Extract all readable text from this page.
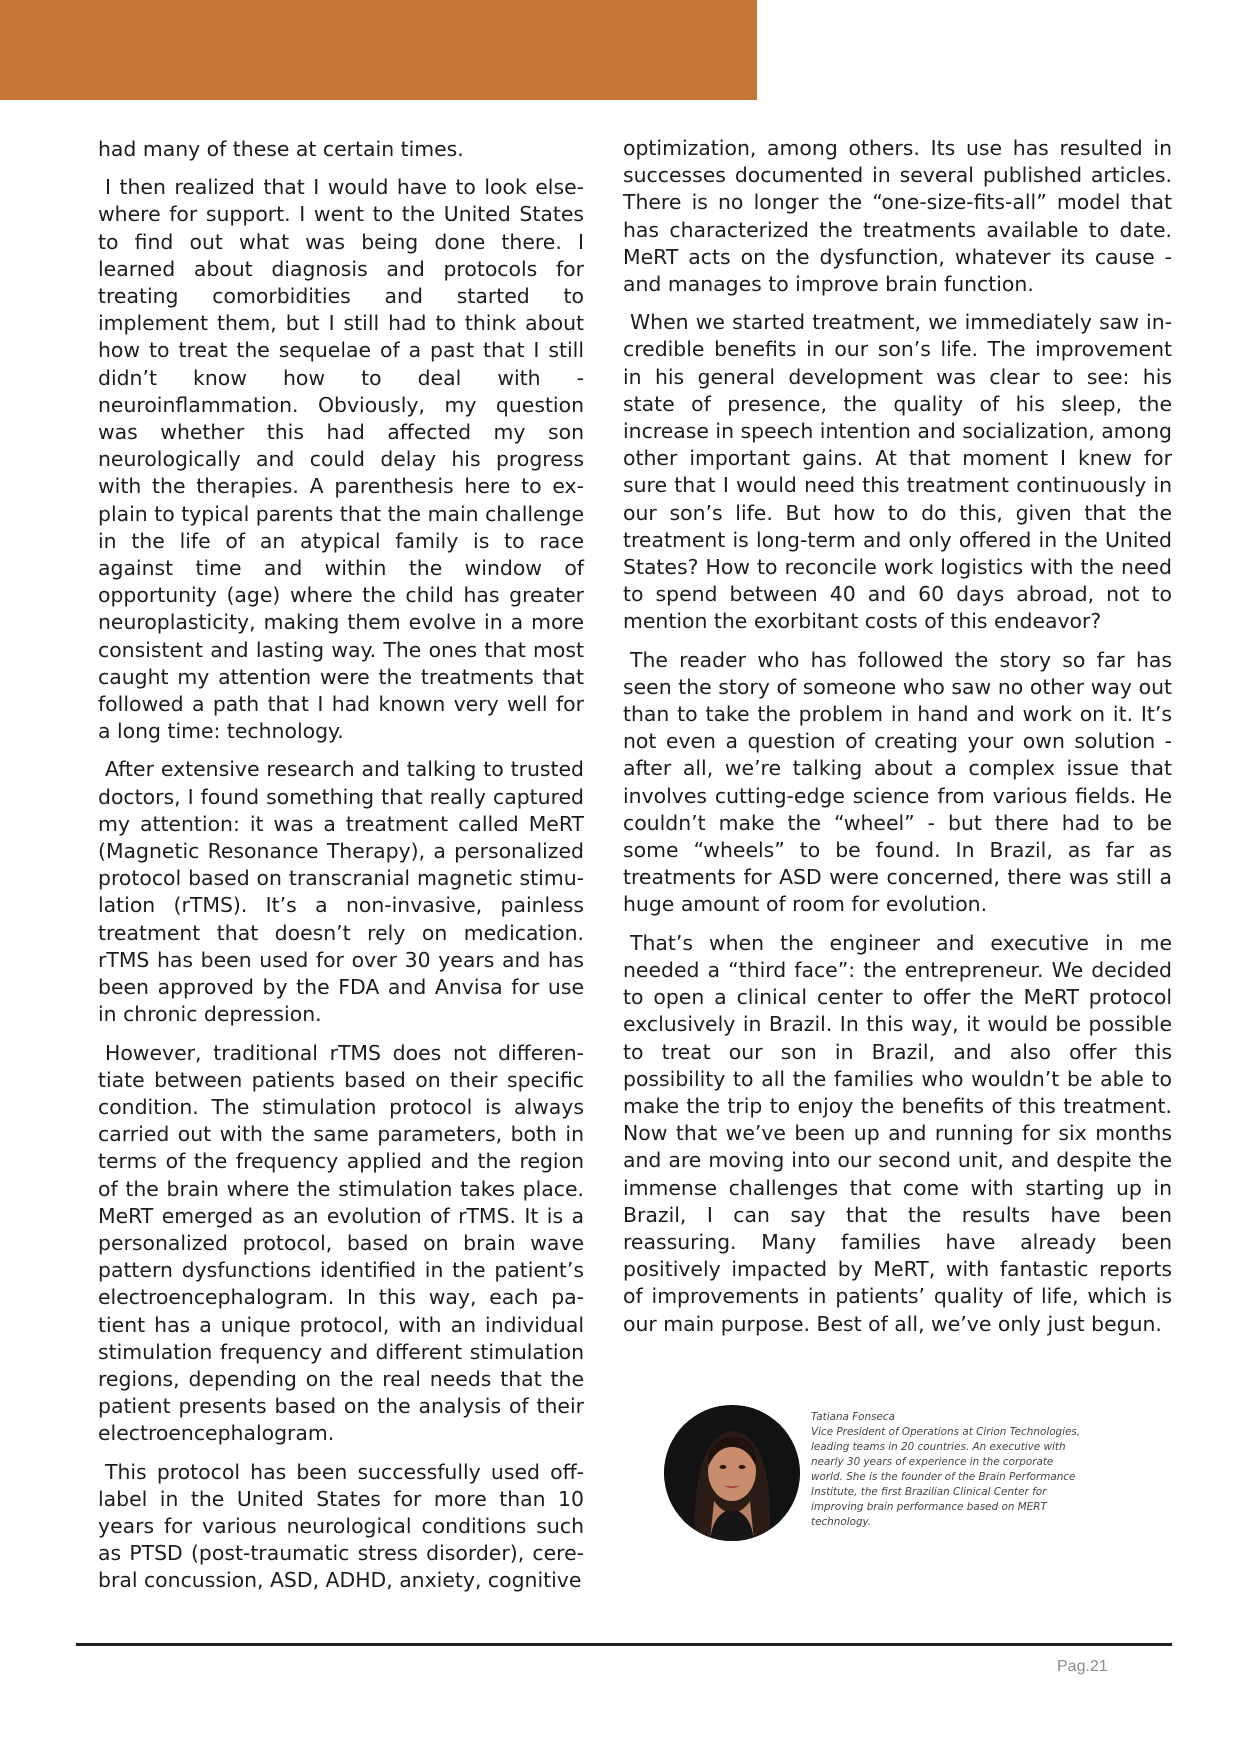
had many of these at certain times.

I then realized that I would have to look elsewhere for support. I went to the United States to find out what was being done there. I learned about diagnosis and protocols for treating comorbidities and started to implement them, but I still had to think about how to treat the sequelae of a past that I still didn’t know how to deal with - neuroinflammation. Obviously, my question was whether this had affected my son neurologically and could delay his progress with the therapies. A parenthesis here to explain to typical parents that the main challenge in the life of an atypical family is to race against time and within the window of opportunity (age) where the child has greater neuroplasticity, making them evolve in a more consistent and lasting way. The ones that most caught my attention were the treatments that followed a path that I had known very well for a long time: technology.

After extensive research and talking to trusted doctors, I found something that really captured my attention: it was a treatment called MeRT (Magnetic Resonance Therapy), a personalized protocol based on transcranial magnetic stimulation (rTMS). It’s a non-invasive, painless treatment that doesn’t rely on medication. rTMS has been used for over 30 years and has been approved by the FDA and Anvisa for use in chronic depression.

However, traditional rTMS does not differentiate between patients based on their specific condition. The stimulation protocol is always carried out with the same parameters, both in terms of the frequency applied and the region of the brain where the stimulation takes place. MeRT emerged as an evolution of rTMS. It is a personalized protocol, based on brain wave pattern dysfunctions identified in the patient’s electroencephalogram. In this way, each patient has a unique protocol, with an individual stimulation frequency and different stimulation regions, depending on the real needs that the patient presents based on the analysis of their electroencephalogram.

This protocol has been successfully used off-label in the United States for more than 10 years for various neurological conditions such as PTSD (post-traumatic stress disorder), cerebral concussion, ASD, ADHD, anxiety, cognitive

optimization, among others. Its use has resulted in successes documented in several published articles. There is no longer the “one-size-fits-all” model that has characterized the treatments available to date. MeRT acts on the dysfunction, whatever its cause - and manages to improve brain function.

When we started treatment, we immediately saw incredible benefits in our son’s life. The improvement in his general development was clear to see: his state of presence, the quality of his sleep, the increase in speech intention and socialization, among other important gains. At that moment I knew for sure that I would need this treatment continuously in our son’s life. But how to do this, given that the treatment is long-term and only offered in the United States? How to reconcile work logistics with the need to spend between 40 and 60 days abroad, not to mention the exorbitant costs of this endeavor?

The reader who has followed the story so far has seen the story of someone who saw no other way out than to take the problem in hand and work on it. It’s not even a question of creating your own solution - after all, we’re talking about a complex issue that involves cutting-edge science from various fields. He couldn’t make the “wheel” - but there had to be some “wheels” to be found. In Brazil, as far as treatments for ASD were concerned, there was still a huge amount of room for evolution.

That’s when the engineer and executive in me needed a “third face”: the entrepreneur. We decided to open a clinical center to offer the MeRT protocol exclusively in Brazil. In this way, it would be possible to treat our son in Brazil, and also offer this possibility to all the families who wouldn’t be able to make the trip to enjoy the benefits of this treatment. Now that we’ve been up and running for six months and are moving into our second unit, and despite the immense challenges that come with starting up in Brazil, I can say that the results have been reassuring. Many families have already been positively impacted by MeRT, with fantastic reports of improvements in patients’ quality of life, which is our main purpose. Best of all, we’ve only just begun.

Tatiana Fonseca
Vice President of Operations at Cirion Technologies, leading teams in 20 countries. An executive with nearly 30 years of experience in the corporate world. She is the founder of the Brain Performance Institute, the first Brazilian Clinical Center for improving brain performance based on MERT technology.
Pag.21
